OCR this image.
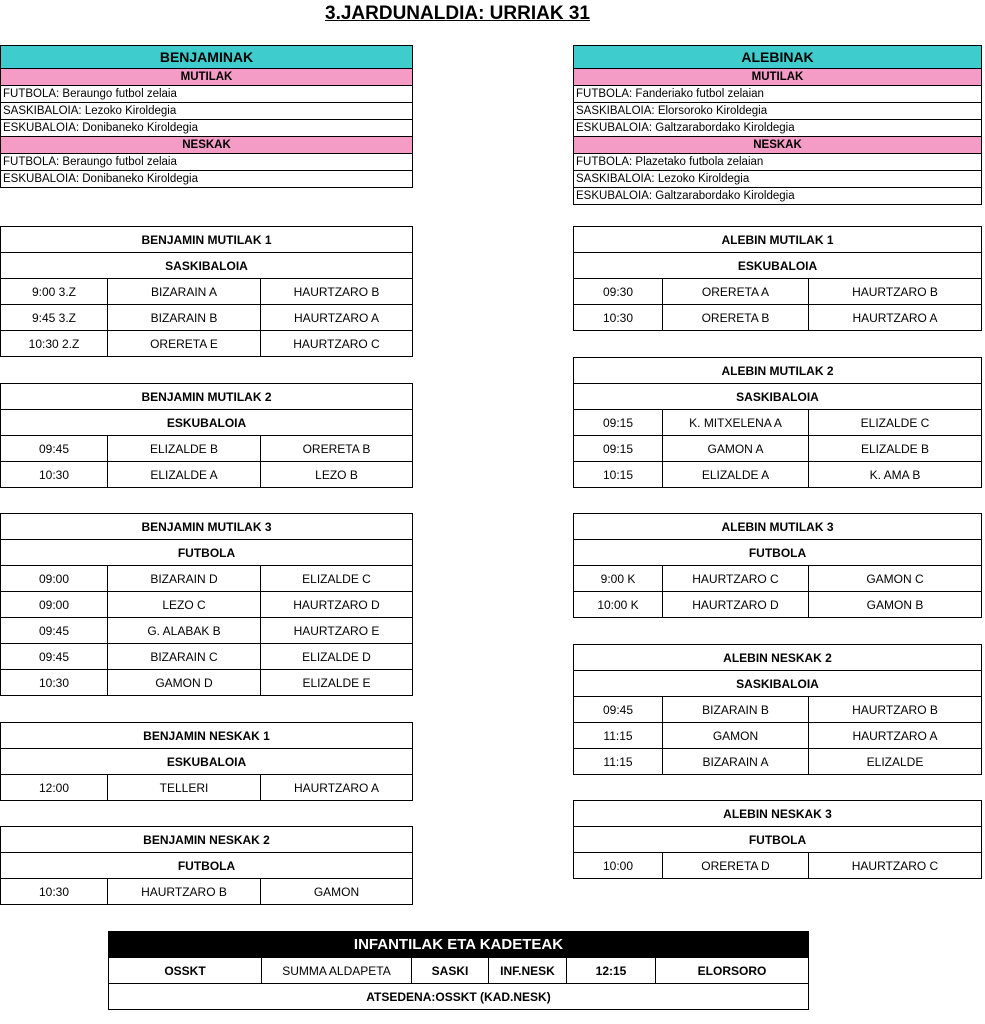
3.JARDUNALDIA: URRIAK 31
BENJAMINAK
MUTILAK
FUTBOLA: Beraungo futbol zelaia
SASKIBALOIA: Lezoko Kiroldegia
ESKUBALOIA: Donibaneko Kiroldegia
NESKAK
FUTBOLA: Beraungo futbol zelaia
ESKUBALOIA: Donibaneko Kiroldegia
ALEBINAK
MUTILAK
FUTBOLA: Fanderiako futbol zelaian
SASKIBALOIA: Elorsoroko Kiroldegia
ESKUBALOIA: Galtzarabordako Kiroldegia
NESKAK
FUTBOLA: Plazetako futbola zelaian
SASKIBALOIA: Lezoko Kiroldegia
ESKUBALOIA: Galtzarabordako Kiroldegia
BENJAMIN MUTILAK 1		
SASKIBALOIA		
9:00 3.Z	BIZARAIN A	HAURTZARO B
9:45 3.Z	BIZARAIN B	HAURTZARO A
10:30 2.Z	ORERETA E	HAURTZARO C
BENJAMIN MUTILAK 2		
ESKUBALOIA		
09:45	ELIZALDE B	ORERETA B
10:30	ELIZALDE A	LEZO B
BENJAMIN MUTILAK 3		
FUTBOLA		
09:00	BIZARAIN D	ELIZALDE C
09:00	LEZO C	HAURTZARO D
09:45	G. ALABAK B	HAURTZARO E
09:45	BIZARAIN C	ELIZALDE D
10:30	GAMON D	ELIZALDE E
BENJAMIN NESKAK 1
ESKUBALOIA
12:00	TELLERI	HAURTZARO A
BENJAMIN NESKAK 2
FUTBOLA
10:30	HAURTZARO B	GAMON
ALEBIN MUTILAK 1		
ESKUBALOIA		
09:30	ORERETA A	HAURTZARO B
10:30	ORERETA B	HAURTZARO A
ALEBIN MUTILAK 2		
SASKIBALOIA		
09:15	K. MITXELENA A	ELIZALDE C
09:15	GAMON A	ELIZALDE B
10:15	ELIZALDE A	K. AMA B
ALEBIN MUTILAK 3		
FUTBOLA		
9:00 K	HAURTZARO C	GAMON C
10:00 K	HAURTZARO D	GAMON B
ALEBIN NESKAK 2		
SASKIBALOIA		
09:45	BIZARAIN B	HAURTZARO B
11:15	GAMON	HAURTZARO A
11:15	BIZARAIN A	ELIZALDE
ALEBIN NESKAK 3
FUTBOLA
10:00	ORERETA D	HAURTZARO C
INFANTILAK ETA KADETEAK
OSSKT	SUMMA ALDAPETA	SASKI	INF.NESK	12:15	ELORSORO
ATSEDENA:OSSKT (KAD.NESK)
